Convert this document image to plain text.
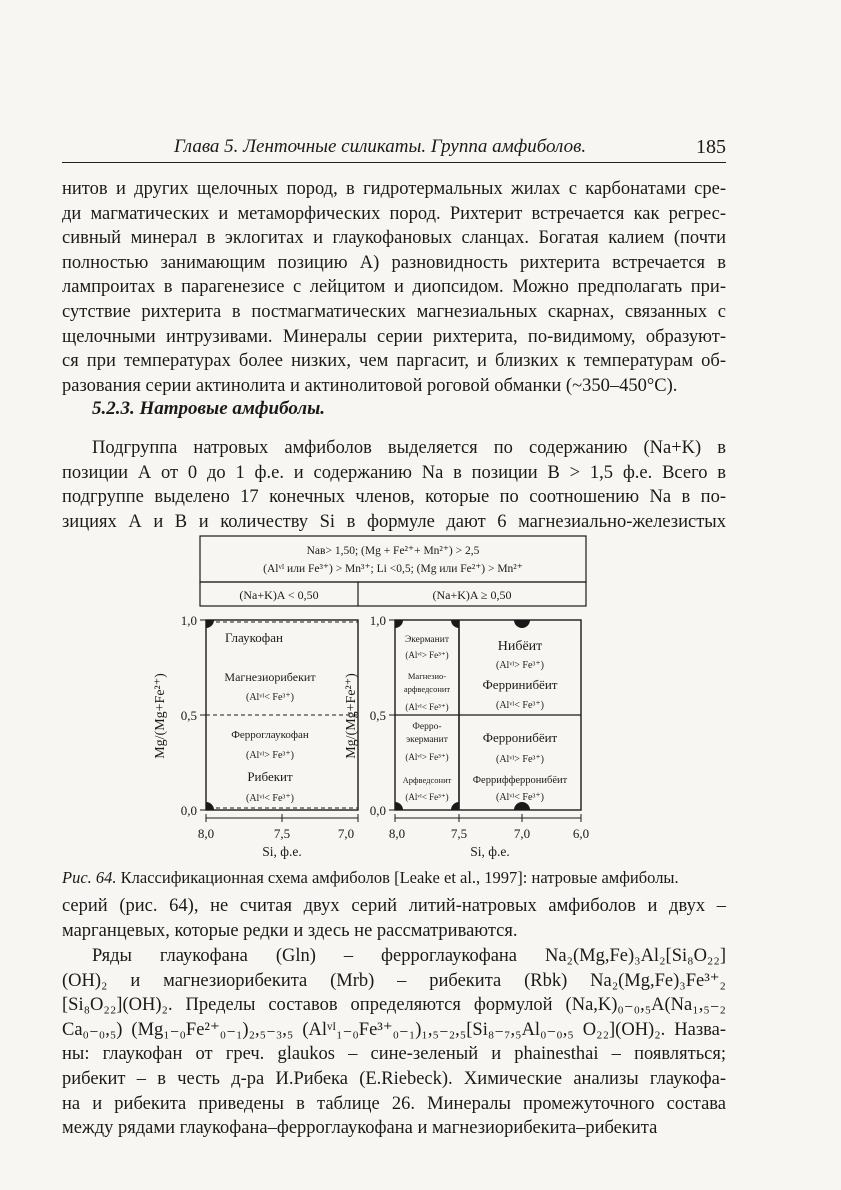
Глава 5. Ленточные силикаты. Группа амфиболов.	185
нитов и других щелочных пород, в гидротермальных жилах с карбонатами сре-
ди магматических и метаморфических пород. Рихтерит встречается как регрес-
сивный минерал в эклогитах и глаукофановых сланцах. Богатая калием (почти
полностью занимающим позицию А) разновидность рихтерита встречается в
лампроитах в парагенезисе с лейцитом и диопсидом. Можно предполагать при-
сутствие рихтерита в постмагматических магнезиальных скарнах, связанных с
щелочными интрузивами. Минералы серии рихтерита, по-видимому, образуют-
ся при температурах более низких, чем паргасит, и близких к температурам об-
разования серии актинолита и актинолитовой роговой обманки (~350–450°С).
5.2.3. Натровые амфиболы.
Подгруппа натровых амфиболов выделяется по содержанию (Na+K) в
позиции А от 0 до 1 ф.е. и содержанию Na в позиции В > 1,5 ф.е. Всего в
подгруппе выделено 17 конечных членов, которые по соотношению Na в по-
зициях А и В и количеству Si в формуле дают 6 магнезиально-железистых
Naʙ> 1,50; (Mg + Fe²⁺+ Mn²⁺) > 2,5
(Alᵛᴵ или Fe³⁺) > Mn³⁺; Li <0,5; (Mg или Fe²⁺) > Mn²⁺
(Na+K)A < 0,50	(Na+K)A ≥ 0,50
1,0
0,5
0,0
1,0
0,5
0,0
8,0	7,5	7,0	8,0	7,5	7,0	6,0
Si, ф.е.	Si, ф.е.
Mg/(Mg+Fe²⁺)	Mg/(Mg+Fe²⁺)
Глаукофан
Магнезиорибекит
(Alᵛᴵ< Fe³⁺)
Ферроглаукофан
(Alᵛᴵ> Fe³⁺)
Рибекит
(Alᵛᴵ< Fe³⁺)
Экерманит
(Alᵛᴵ> Fe³⁺)
Магнезио-
арфведсонит
(Alᵛᴵ< Fe³⁺)
Ферро-
экерманит
(Alᵛᴵ> Fe³⁺)
Арфведсонит
(Alᵛᴵ< Fe³⁺)
Нибёит
(Alᵛᴵ> Fe³⁺)
Ферринибёит
(Alᵛᴵ< Fe³⁺)
Ферронибёит
(Alᵛᴵ> Fe³⁺)
Феррифферронибёит
(Alᵛᴵ< Fe³⁺)
Рис. 64. Классификационная схема амфиболов [Leake et al., 1997]: натровые амфиболы.
серий (рис. 64), не считая двух серий литий-натровых амфиболов и двух –
марганцевых, которые редки и здесь не рассматриваются.
Ряды глаукофана (Gln) – ферроглаукофана Na₂(Mg,Fe)₃Al₂[Si₈O₂₂]
(OH)₂ и магнезиорибекита (Mrb) – рибекита (Rbk) Na₂(Mg,Fe)₃Fe³⁺₂
[Si₈O₂₂](OH)₂. Пределы составов определяются формулой (Na,K)₀₋₀,₅A(Na₁,₅₋₂
Ca₀₋₀,₅) (Mg₁₋₀Fe²⁺₀₋₁)₂,₅₋₃,₅ (Alᵛᴵ₁₋₀Fe³⁺₀₋₁)₁,₅₋₂,₅[Si₈₋₇,₅Al₀₋₀,₅ O₂₂](OH)₂. Назва-
ны: глаукофан от греч. glaukos – сине-зеленый и phainesthai – появляться;
рибекит – в честь д-ра И.Рибека (E.Riebeck). Химические анализы глаукофа-
на и рибекита приведены в таблице 26. Минералы промежуточного состава
между рядами глаукофана–ферроглаукофана и магнезиорибекита–рибекита
